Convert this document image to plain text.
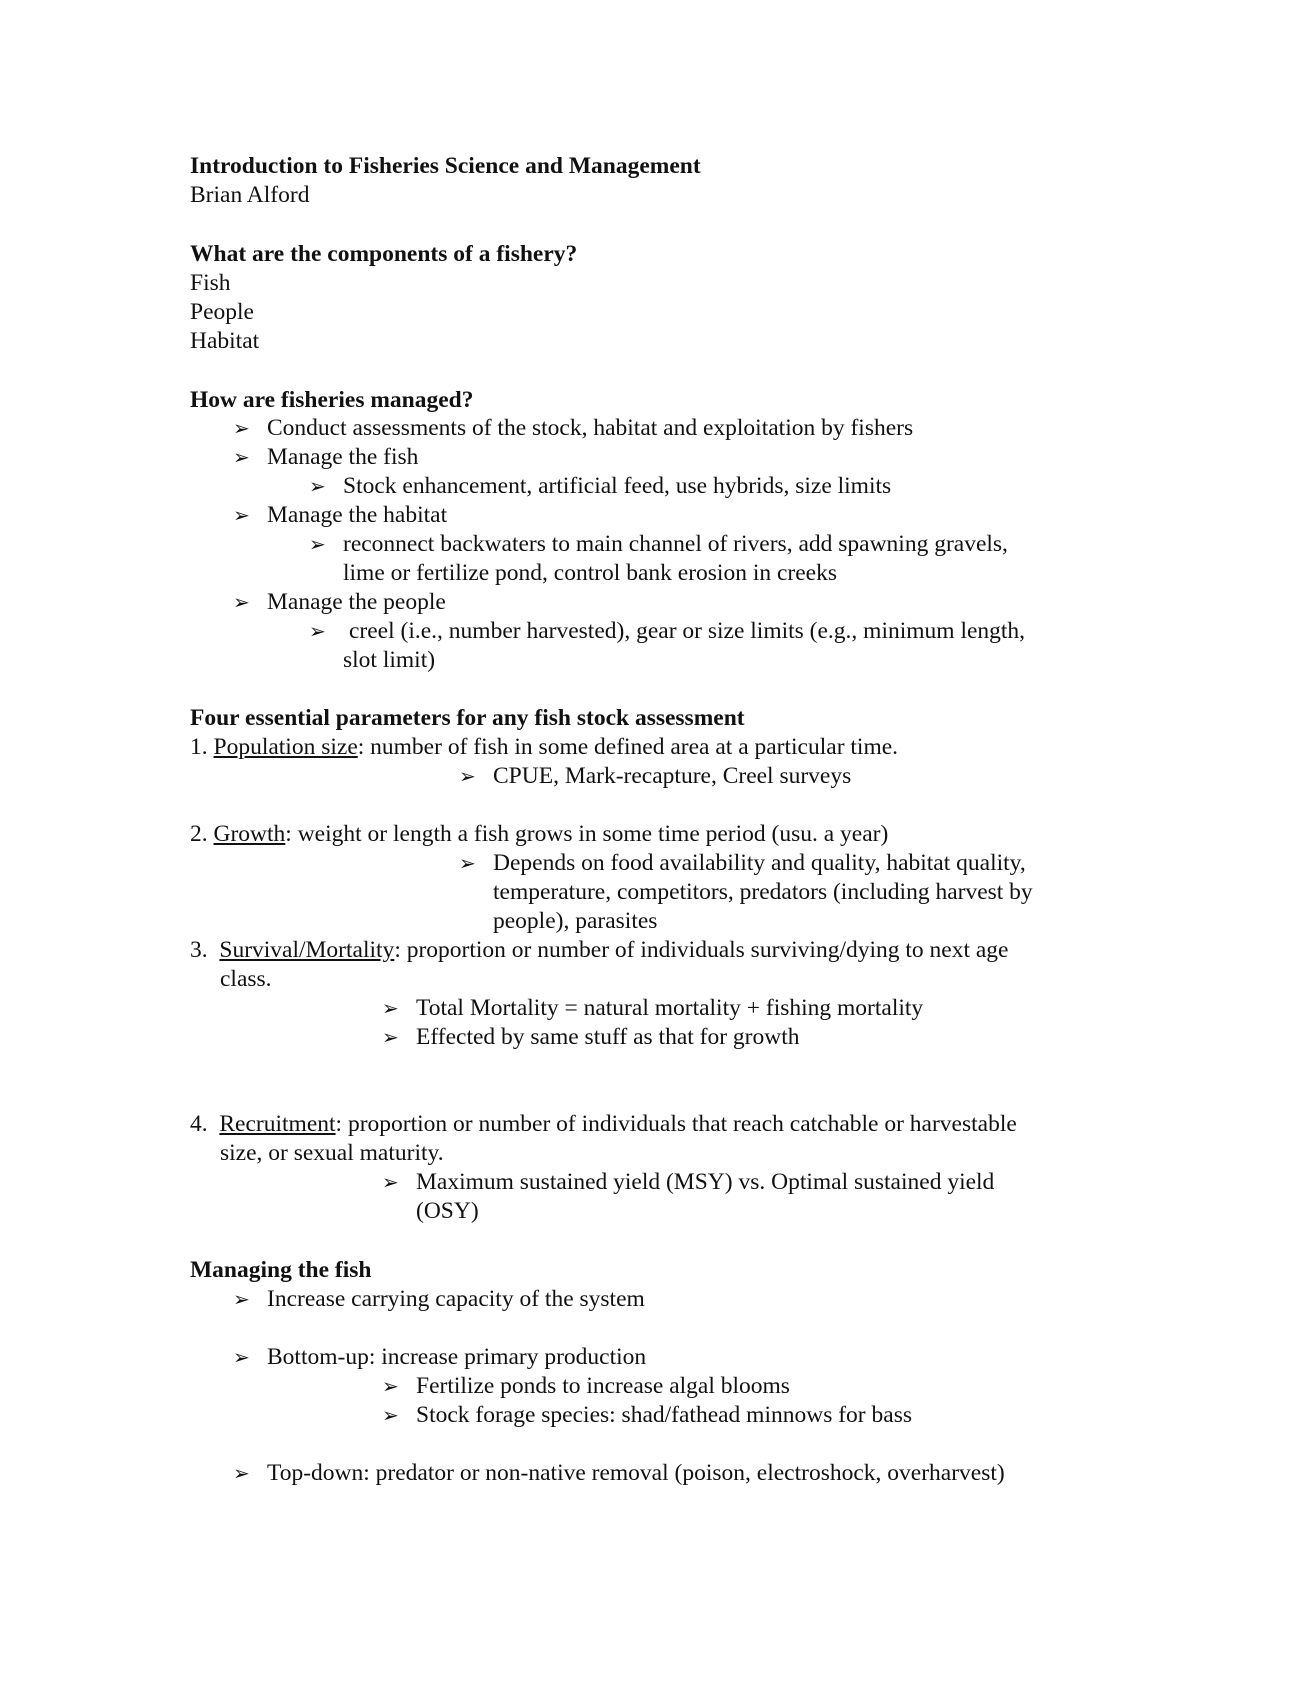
Introduction to Fisheries Science and Management
Brian Alford
What are the components of a fishery?
Fish
People
Habitat
How are fisheries managed?
➢ Conduct assessments of the stock, habitat and exploitation by fishers
➢ Manage the fish
➢ Stock enhancement, artificial feed, use hybrids, size limits
➢ Manage the habitat
➢ reconnect backwaters to main channel of rivers, add spawning gravels,
lime or fertilize pond, control bank erosion in creeks
➢ Manage the people
➢ creel (i.e., number harvested), gear or size limits (e.g., minimum length,
slot limit)
Four essential parameters for any fish stock assessment
1. Population size: number of fish in some defined area at a particular time.
➢ CPUE, Mark-recapture, Creel surveys
2. Growth: weight or length a fish grows in some time period (usu. a year)
➢ Depends on food availability and quality, habitat quality,
temperature, competitors, predators (including harvest by
people), parasites
3. Survival/Mortality: proportion or number of individuals surviving/dying to next age
class.
➢ Total Mortality = natural mortality + fishing mortality
➢ Effected by same stuff as that for growth
4. Recruitment: proportion or number of individuals that reach catchable or harvestable
size, or sexual maturity.
➢ Maximum sustained yield (MSY) vs. Optimal sustained yield
(OSY)
Managing the fish
➢ Increase carrying capacity of the system
➢ Bottom-up: increase primary production
➢ Fertilize ponds to increase algal blooms
➢ Stock forage species: shad/fathead minnows for bass
➢ Top-down: predator or non-native removal (poison, electroshock, overharvest)
